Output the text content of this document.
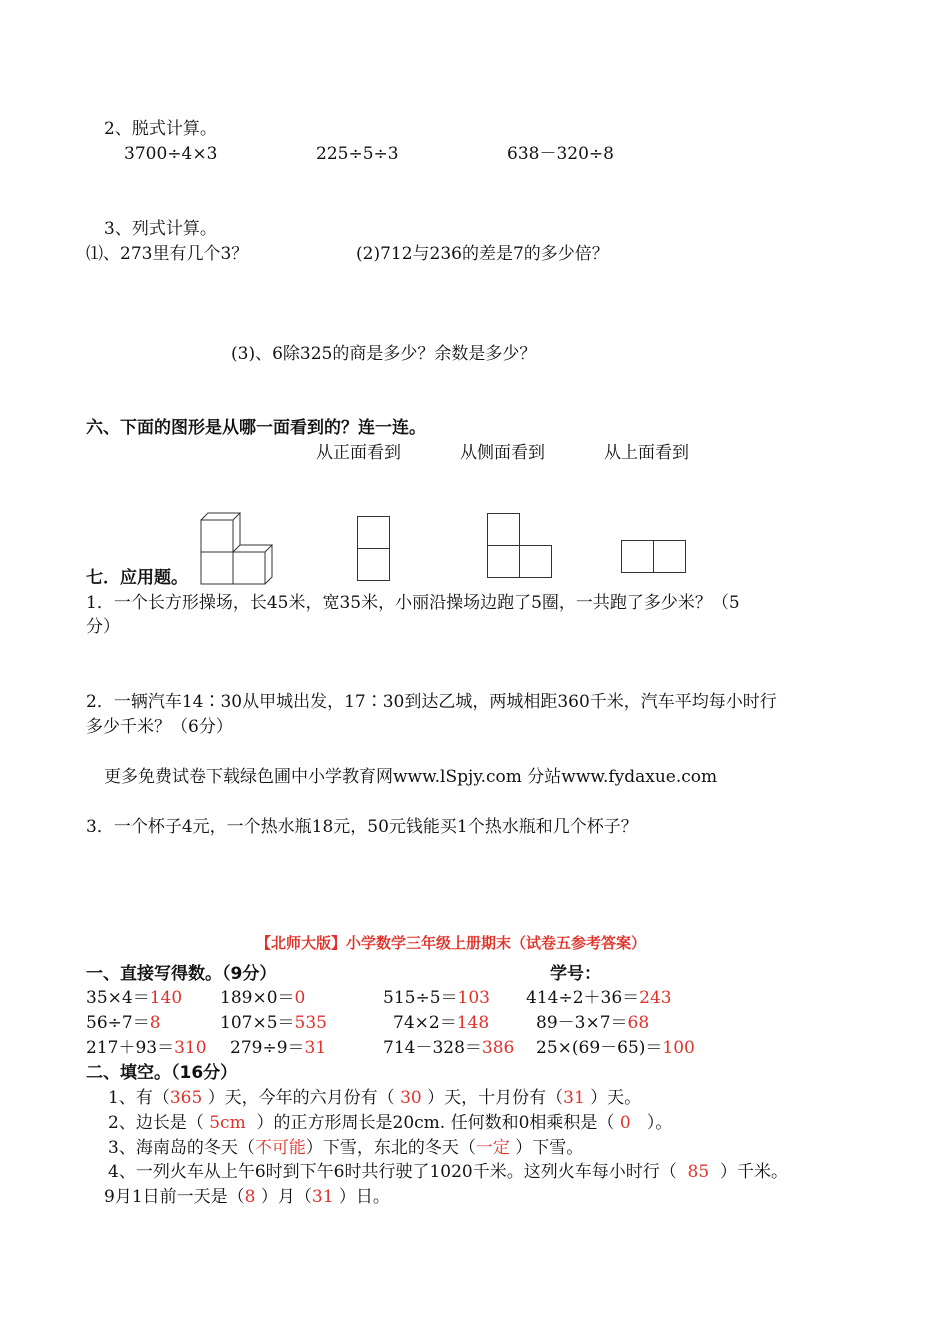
2、脱式计算。
3700÷4×3	225÷5÷3	638－320÷8
3、列式计算。
⑴、273里有几个3？	(2)712与236的差是7的多少倍？
(3)、6除325的商是多少？余数是多少？
六、下面的图形是从哪一面看到的？连一连。
从正面看到	从侧面看到	从上面看到
七．应用题。
1．一个长方形操场，长45米，宽35米，小丽沿操场边跑了5圈，一共跑了多少米？（5
分）
2．一辆汽车14∶30从甲城出发，17∶30到达乙城，两城相距360千米，汽车平均每小时行
多少千米？（6分）
更多免费试卷下载绿色圃中小学教育网www.lSpjy.com 分站www.fydaxue.com
3．一个杯子4元，一个热水瓶18元，50元钱能买1个热水瓶和几个杯子？
【北师大版】小学数学三年级上册期末（试卷五参考答案）
一、直接写得数。（9分）	学号：
35×4＝140 189×0＝0	515÷5＝103 414÷2＋36＝243
56÷7＝8	107×5＝535	74×2＝148	89－3×7＝68
217＋93＝310 279÷9＝31	714－328＝386 25×(69－65)＝100
二、填空。（16分）
1、有（365 ）天，今年的六月份有（ 30 ）天，十月份有（31 ）天。
2、边长是（ 5cm ）的正方形周长是20cm. 任何数和0相乘积是（ 0 ）。
3、海南岛的冬天（不可能）下雪，东北的冬天（一定 ）下雪。
4、一列火车从上午6时到下午6时共行驶了1020千米。这列火车每小时行（ 85 ）千米。
9月1日前一天是（8 ）月（31 ）日。
